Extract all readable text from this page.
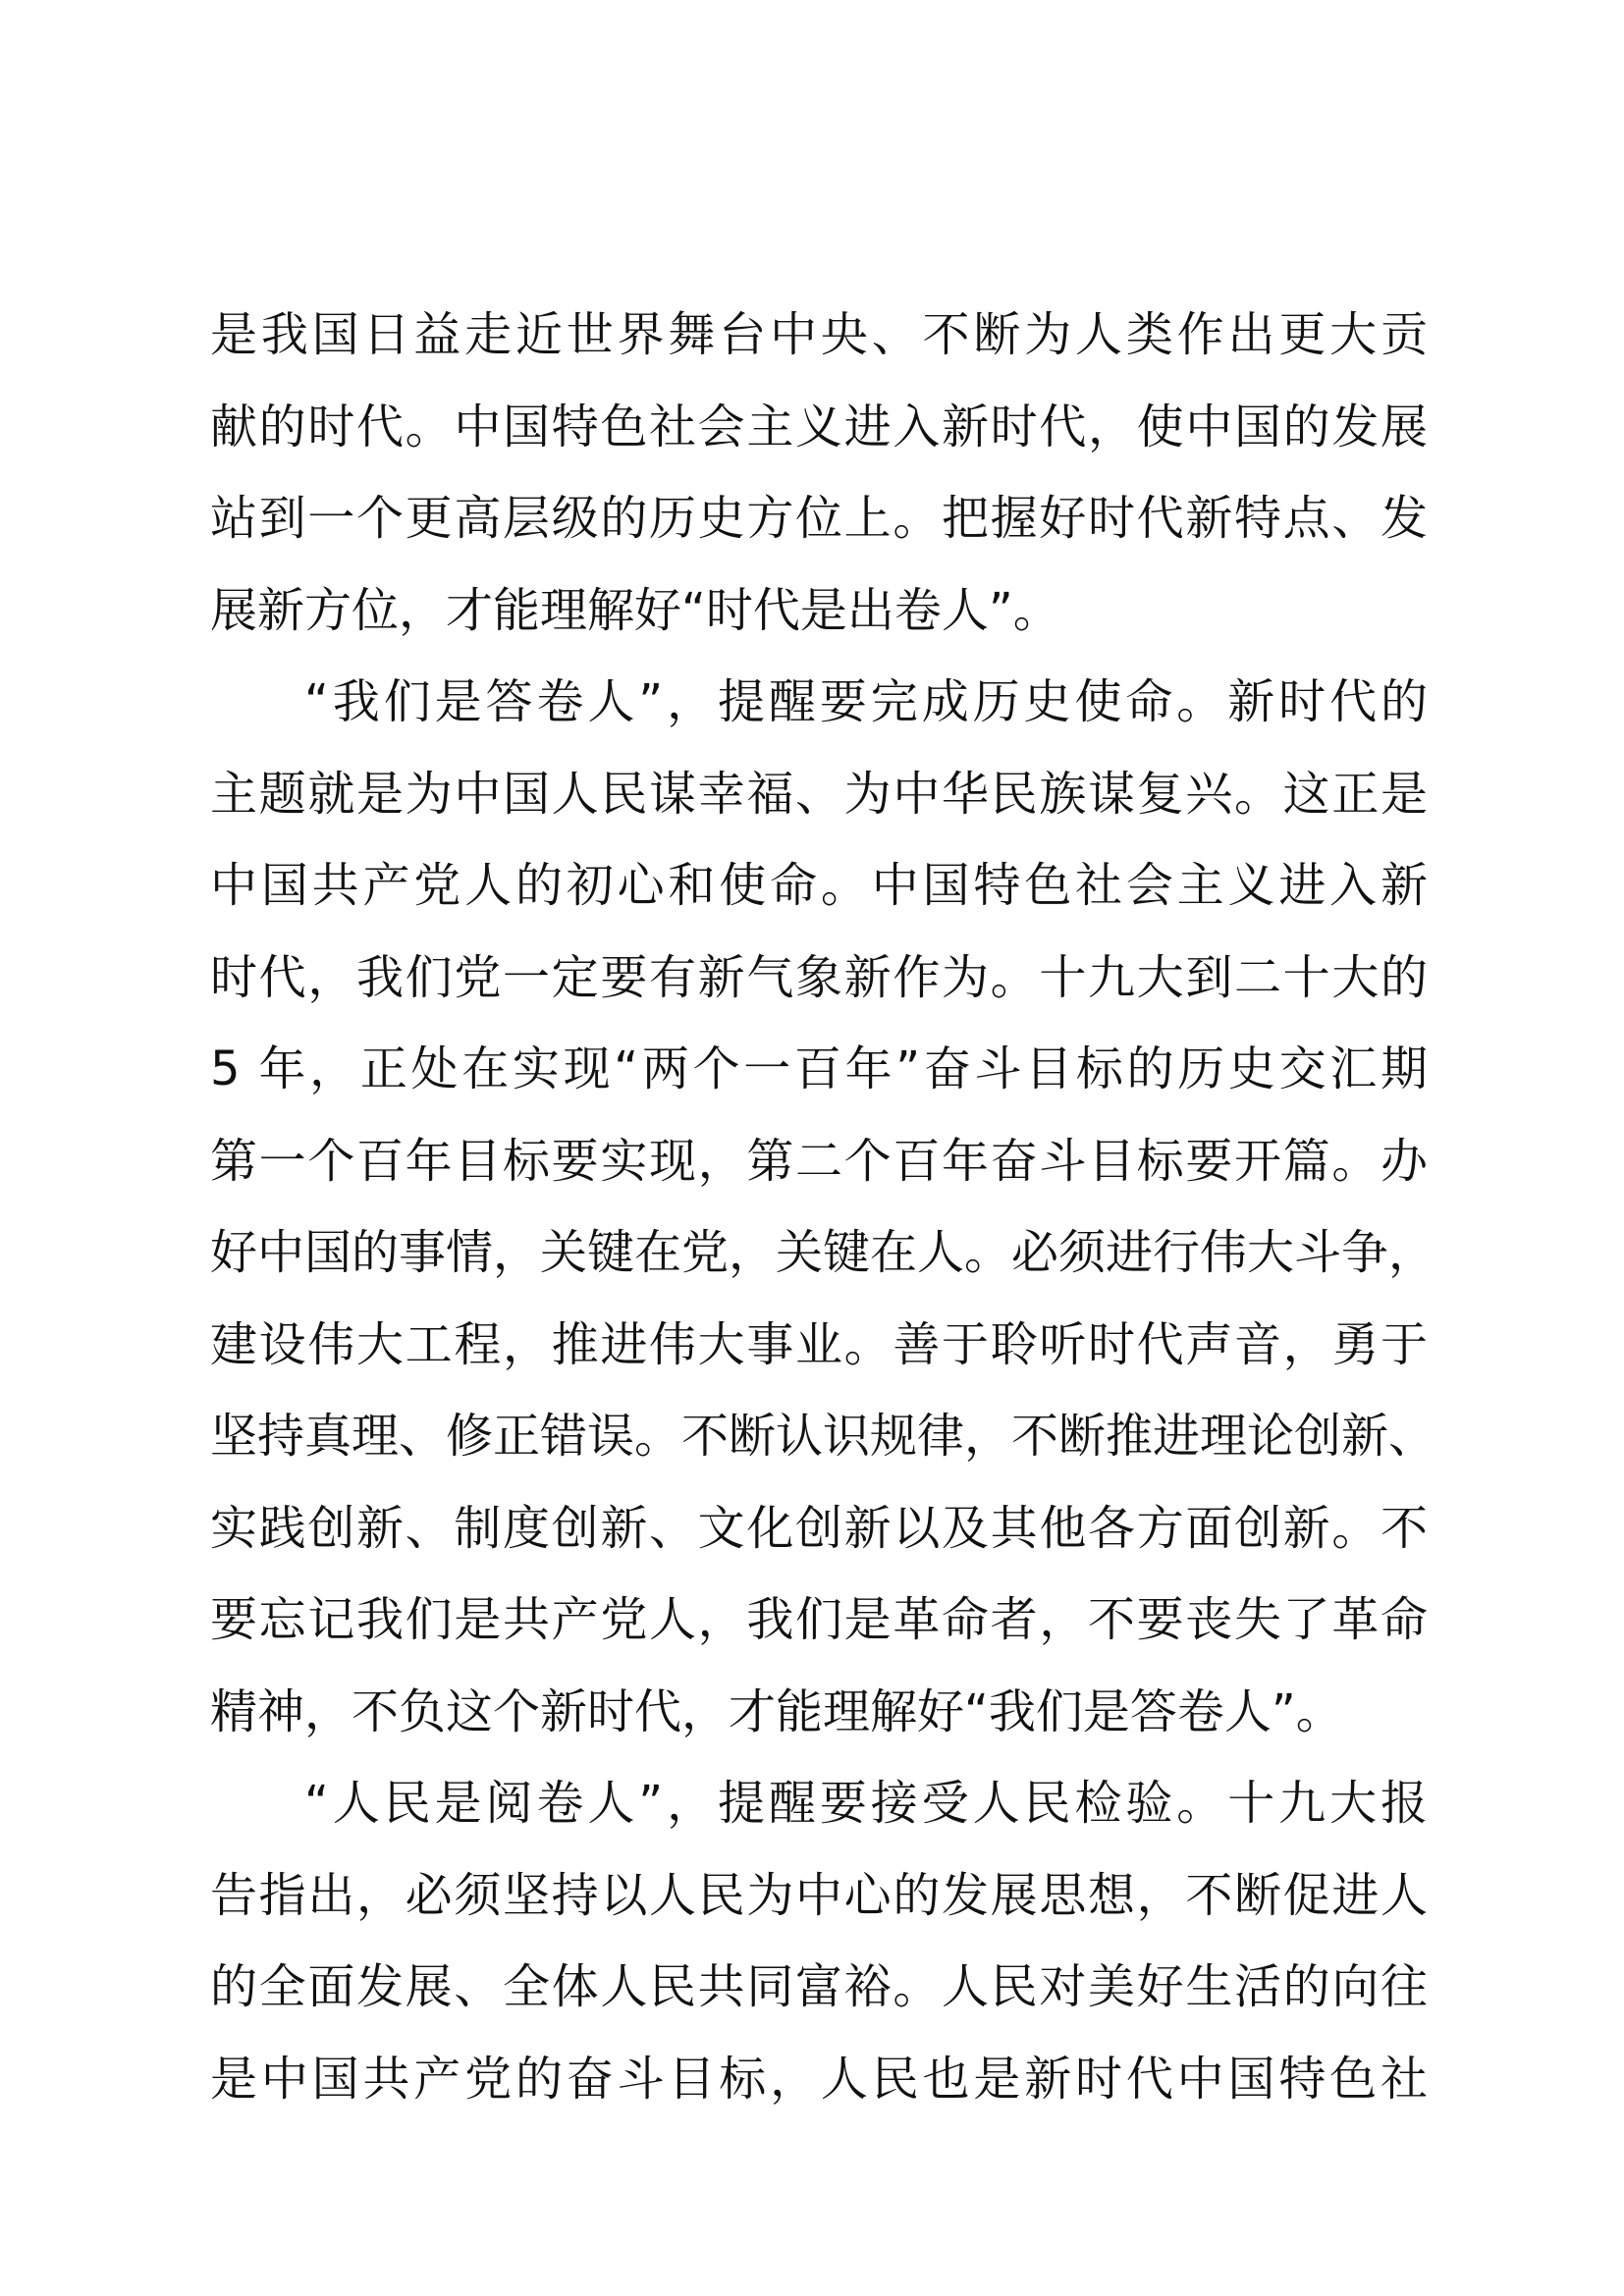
是我国日益走近世界舞台中央、不断为人类作出更大贡
献的时代。中国特色社会主义进入新时代，使中国的发展
站到一个更高层级的历史方位上。把握好时代新特点、发
展新方位，才能理解好“时代是出卷人”。
“我们是答卷人”，提醒要完成历史使命。新时代的
主题就是为中国人民谋幸福、为中华民族谋复兴。这正是
中国共产党人的初心和使命。中国特色社会主义进入新
时代，我们党一定要有新气象新作为。十九大到二十大的
5 年，正处在实现“两个一百年”奋斗目标的历史交汇期
第一个百年目标要实现，第二个百年奋斗目标要开篇。办
好中国的事情，关键在党，关键在人。必须进行伟大斗争，
建设伟大工程，推进伟大事业。善于聆听时代声音，勇于
坚持真理、修正错误。不断认识规律，不断推进理论创新、
实践创新、制度创新、文化创新以及其他各方面创新。不
要忘记我们是共产党人，我们是革命者，不要丧失了革命
精神，不负这个新时代，才能理解好“我们是答卷人”。
“人民是阅卷人”，提醒要接受人民检验。十九大报
告指出，必须坚持以人民为中心的发展思想，不断促进人
的全面发展、全体人民共同富裕。人民对美好生活的向往
是中国共产党的奋斗目标，人民也是新时代中国特色社
